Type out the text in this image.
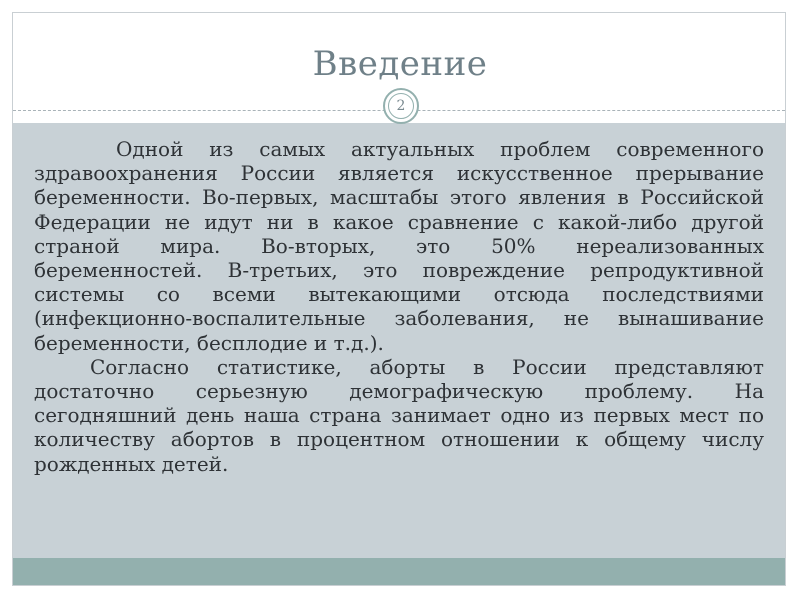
Введение
2

Одной из самых актуальных проблем современного здравоохранения России является искусственное прерывание беременности. Во-первых, масштабы этого явления в Российской Федерации не идут ни в какое сравнение с какой-либо другой страной мира. Во-вторых, это 50% нереализованных беременностей. В-третьих, это повреждение репродуктивной системы со всеми вытекающими отсюда последствиями (инфекционно-воспалительные заболевания, не вынашивание беременности, бесплодие и т.д.).

Согласно статистике, аборты в России представляют достаточно серьезную демографическую проблему. На сегодняшний день наша страна занимает одно из первых мест по количеству абортов в процентном отношении к общему числу рожденных детей.
